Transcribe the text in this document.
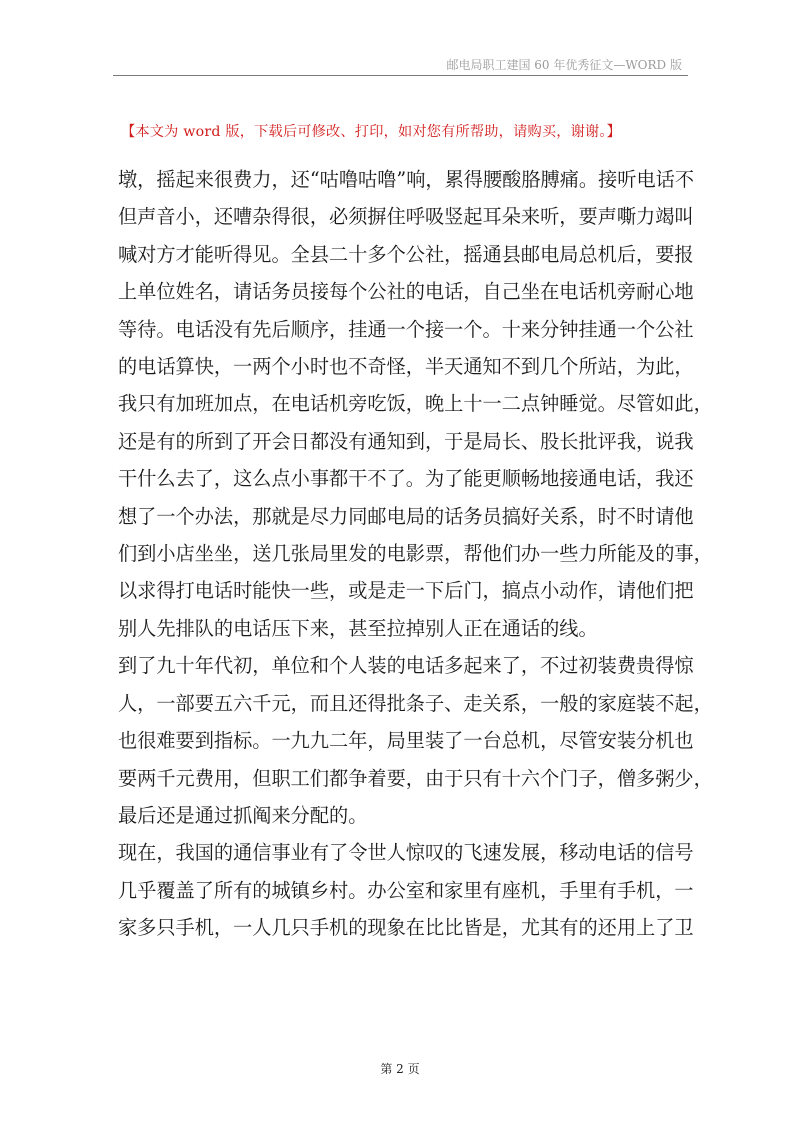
邮电局职工建国 60 年优秀征文—WORD 版
【本文为 word 版，下载后可修改、打印，如对您有所帮助，请购买，谢谢。】

墩，摇起来很费力，还“咕噜咕噜”响，累得腰酸胳膊痛。接听电话不

但声音小，还嘈杂得很，必须摒住呼吸竖起耳朵来听，要声嘶力竭叫

喊对方才能听得见。全县二十多个公社，摇通县邮电局总机后，要报

上单位姓名，请话务员接每个公社的电话，自己坐在电话机旁耐心地

等待。电话没有先后顺序，挂通一个接一个。十来分钟挂通一个公社

的电话算快，一两个小时也不奇怪，半天通知不到几个所站，为此，

我只有加班加点，在电话机旁吃饭，晚上十一二点钟睡觉。尽管如此，

还是有的所到了开会日都没有通知到，于是局长、股长批评我，说我

干什么去了，这么点小事都干不了。为了能更顺畅地接通电话，我还

想了一个办法，那就是尽力同邮电局的话务员搞好关系，时不时请他

们到小店坐坐，送几张局里发的电影票，帮他们办一些力所能及的事，

以求得打电话时能快一些，或是走一下后门，搞点小动作，请他们把

别人先排队的电话压下来，甚至拉掉别人正在通话的线。

到了九十年代初，单位和个人装的电话多起来了，不过初装费贵得惊

人，一部要五六千元，而且还得批条子、走关系，一般的家庭装不起，

也很难要到指标。一九九二年，局里装了一台总机，尽管安装分机也

要两千元费用，但职工们都争着要，由于只有十六个门子，僧多粥少，

最后还是通过抓阄来分配的。

现在，我国的通信事业有了令世人惊叹的飞速发展，移动电话的信号

几乎覆盖了所有的城镇乡村。办公室和家里有座机，手里有手机，一

家多只手机，一人几只手机的现象在比比皆是，尤其有的还用上了卫

第 2 页
